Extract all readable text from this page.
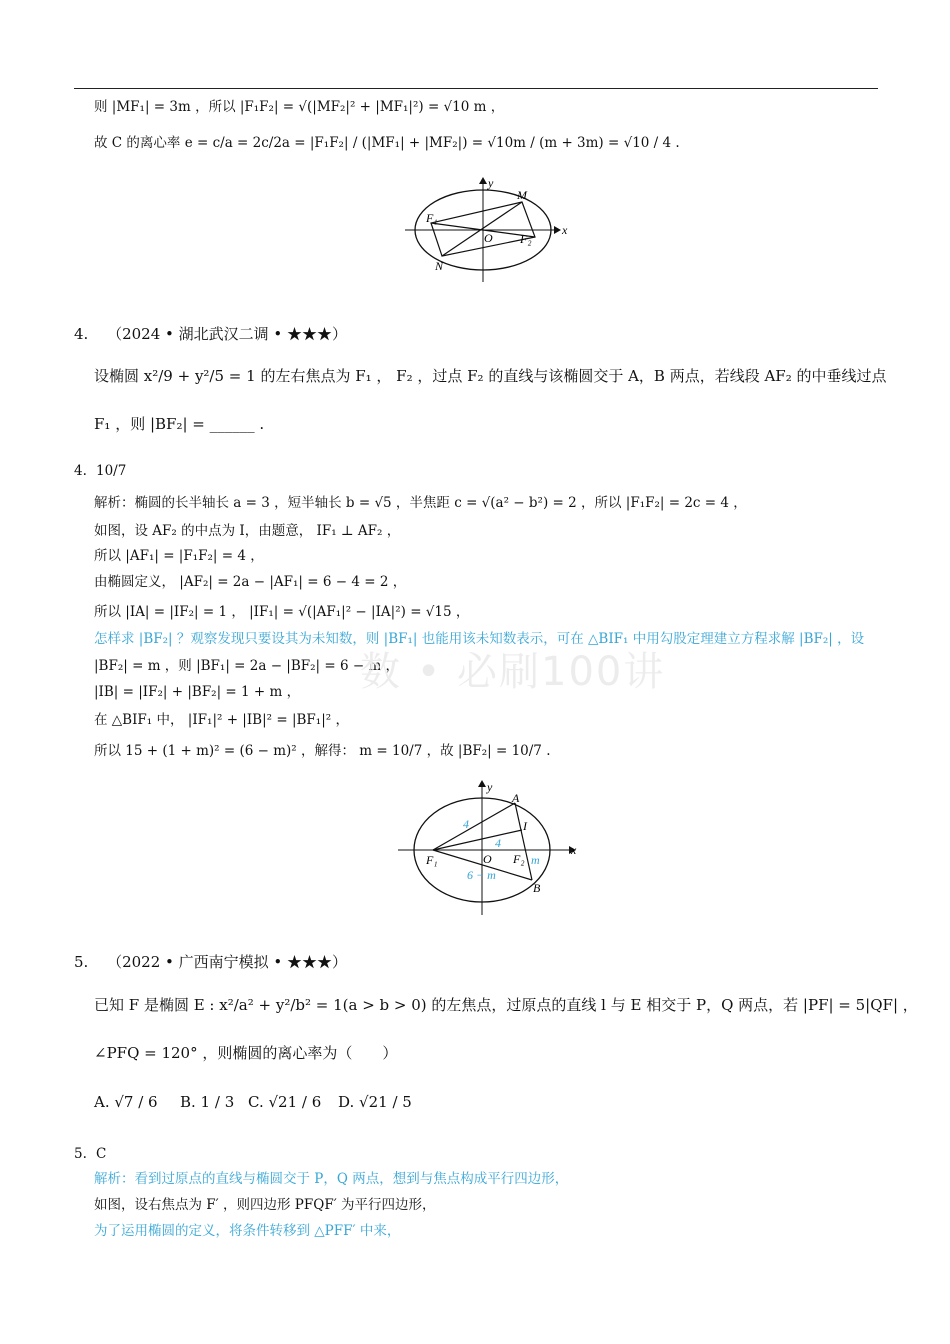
则 |MF₁| = 3m ，所以 |F₁F₂| = √(|MF₂|² + |MF₁|²) = √10 m ，
故 C 的离心率 e = c/a = 2c/2a = |F₁F₂| / (|MF₁| + |MF₂|) = √10m / (m + 3m) = √10 / 4 .
y
x
M
F₁
O F₂
N
4. （2024 • 湖北武汉二调 • ★★★）
设椭圆 x²/9 + y²/5 = 1 的左右焦点为 F₁ ， F₂ ，过点 F₂ 的直线与该椭圆交于 A，B 两点，若线段 AF₂ 的中垂线过点
F₁ ，则 |BF₂| = ______ .
4. 10/7
解析：椭圆的长半轴长 a = 3 ，短半轴长 b = √5 ，半焦距 c = √(a² − b²) = 2 ，所以 |F₁F₂| = 2c = 4 ，
如图，设 AF₂ 的中点为 I，由题意， IF₁ ⊥ AF₂ ，
所以 |AF₁| = |F₁F₂| = 4 ，
由椭圆定义， |AF₂| = 2a − |AF₁| = 6 − 4 = 2 ，
所以 |IA| = |IF₂| = 1 ， |IF₁| = √(|AF₁|² − |IA|²) = √15 ，
怎样求 |BF₂| ？观察发现只要设其为未知数，则 |BF₁| 也能用该未知数表示，可在 △BIF₁ 中用勾股定理建立方程求解 |BF₂| ，设
|BF₂| = m ，则 |BF₁| = 2a − |BF₂| = 6 − m ，
|IB| = |IF₂| + |BF₂| = 1 + m ，
在 △BIF₁ 中， |IF₁|² + |IB|² = |BF₁|² ，
所以 15 + (1 + m)² = (6 − m)² ，解得： m = 10/7 ，故 |BF₂| = 10/7 .
数 • 必刷100讲
y
x
A
I
F₁	O F₂
B
4
4
m
6 − m
5. （2022 • 广西南宁模拟 • ★★★）
已知 F 是椭圆 E : x²/a² + y²/b² = 1(a > b > 0) 的左焦点，过原点的直线 l 与 E 相交于 P，Q 两点，若 |PF| = 5|QF| ，
∠PFQ = 120° ，则椭圆的离心率为（　　）
A. √7 / 6 B. 1 / 3 C. √21 / 6 D. √21 / 5
5. C
解析：看到过原点的直线与椭圆交于 P，Q 两点，想到与焦点构成平行四边形，
如图，设右焦点为 F′ ，则四边形 PFQF′ 为平行四边形，
为了运用椭圆的定义，将条件转移到 △PFF′ 中来，
